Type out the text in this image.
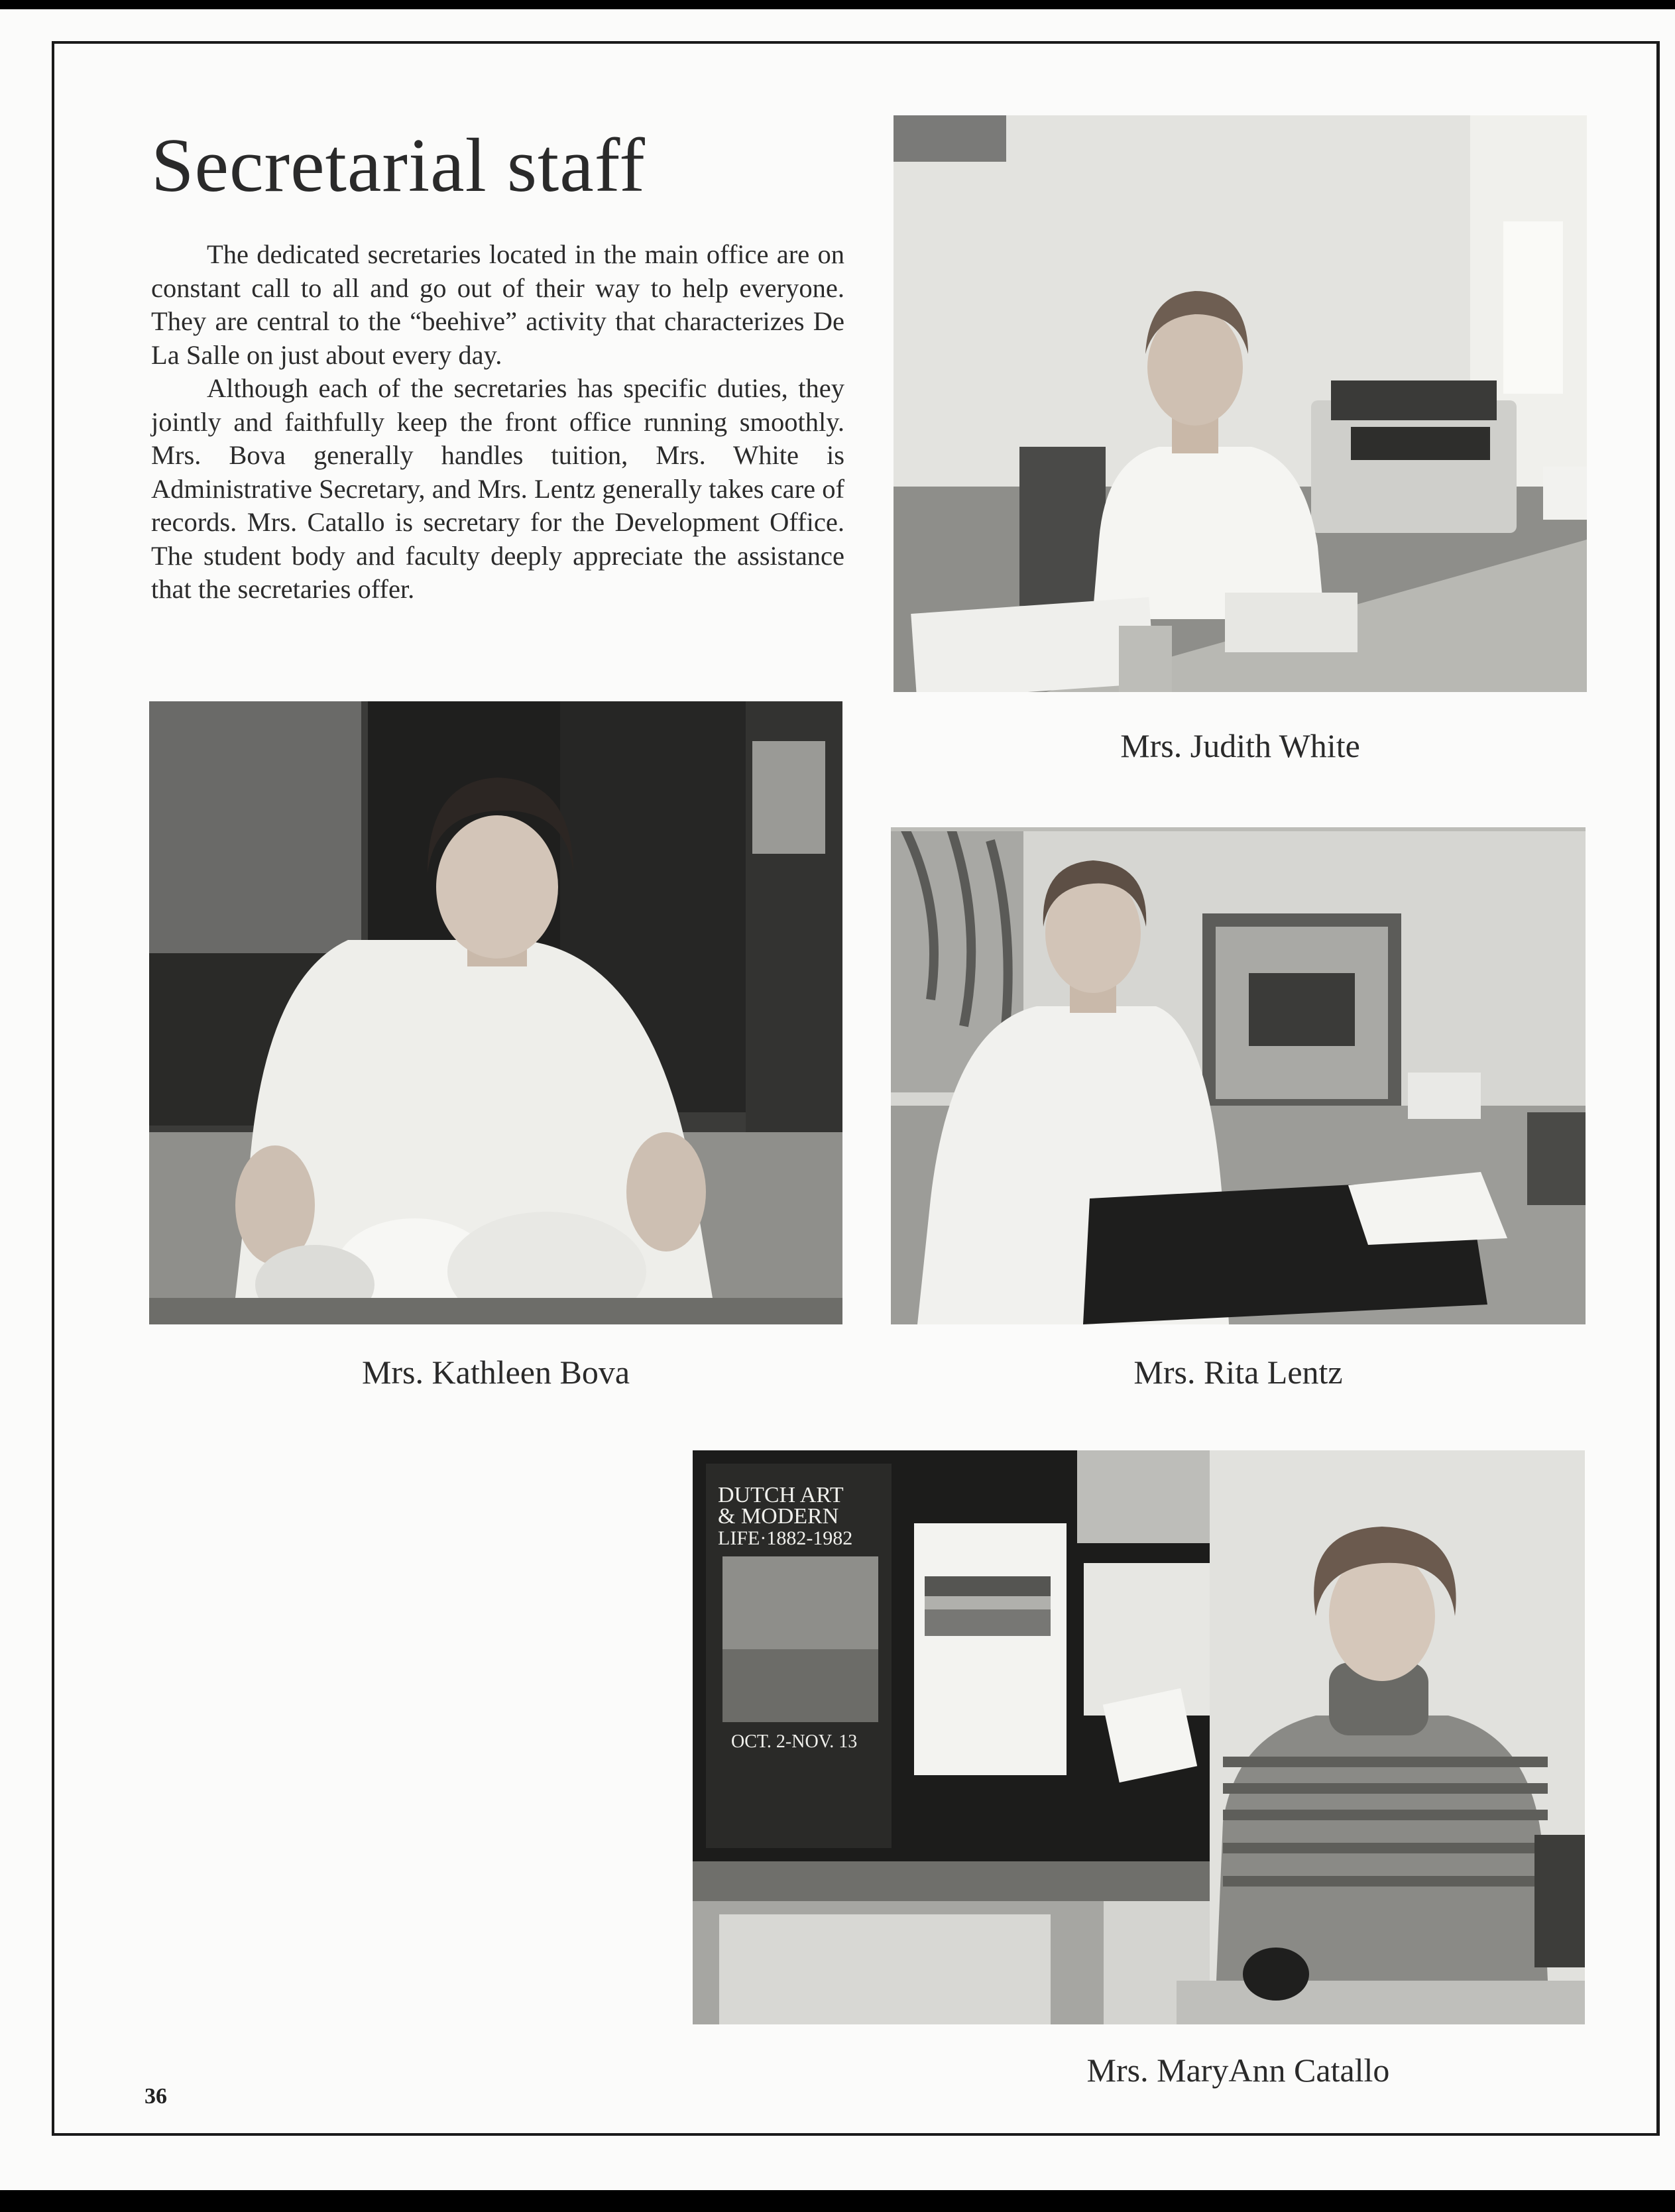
Secretarial staff

The dedicated secretaries located in the main office are on constant call to all and go out of their way to help everyone. They are central to the “beehive” activity that characterizes De La Salle on just about every day.

Although each of the secretaries has specific duties, they jointly and faithfully keep the front office running smoothly. Mrs. Bova generally handles tuition, Mrs. White is Administrative Secretary, and Mrs. Lentz generally takes care of records. Mrs. Catallo is secretary for the Development Office. The student body and faculty deeply appreciate the assistance that the secretaries offer.

Mrs. Judith White
Mrs. Kathleen Bova	Mrs. Rita Lentz
DUTCH ART
& MODERN
LIFE·1882-1982
OCT. 2-NOV. 13
Mrs. MaryAnn Catallo
36
